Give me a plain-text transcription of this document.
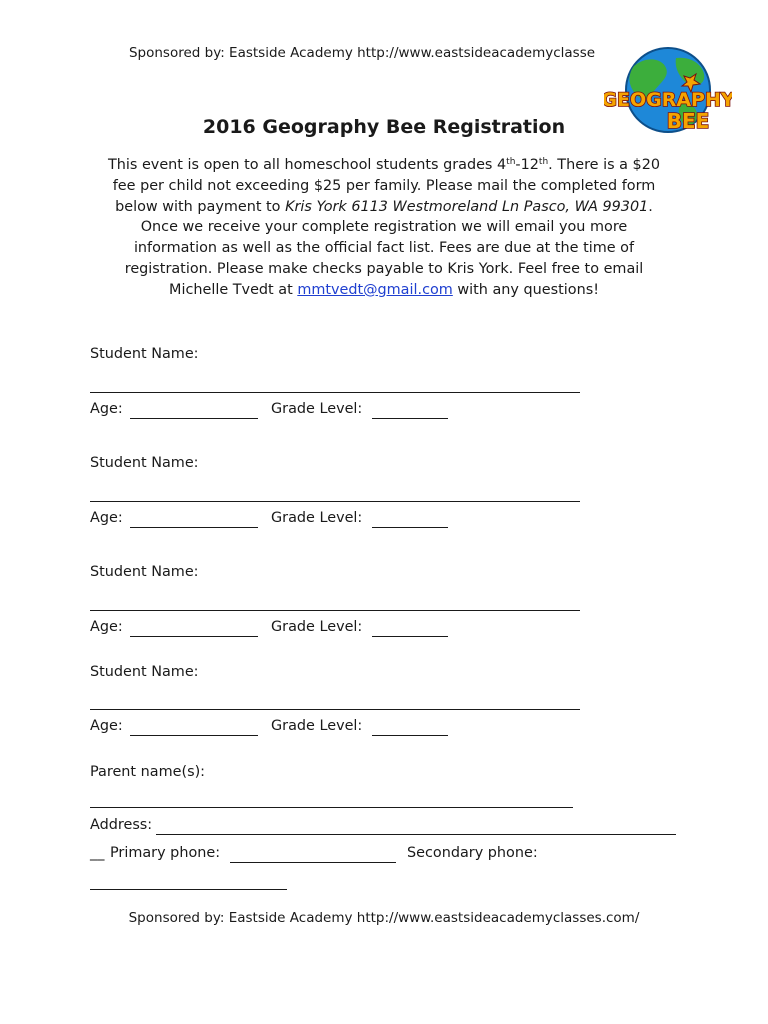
Sponsored by: Eastside Academy http://www.eastsideacademyclasse
GEOGRAPHY
BEE
2016 Geography Bee Registration
This event is open to all homeschool students grades 4th-12th. There is a $20
fee per child not exceeding $25 per family. Please mail the completed form
below with payment to Kris York 6113 Westmoreland Ln Pasco, WA 99301.
Once we receive your complete registration we will email you more
information as well as the official fact list. Fees are due at the time of
registration. Please make checks payable to Kris York. Feel free to email
Michelle Tvedt at mmtvedt@gmail.com with any questions!
Student Name:
Age:	Grade Level:
Student Name:
Age:	Grade Level:
Student Name:
Age:	Grade Level:
Student Name:
Age:	Grade Level:
Parent name(s):
Address:
__ Primary phone:	Secondary phone:
Sponsored by: Eastside Academy http://www.eastsideacademyclasses.com/
